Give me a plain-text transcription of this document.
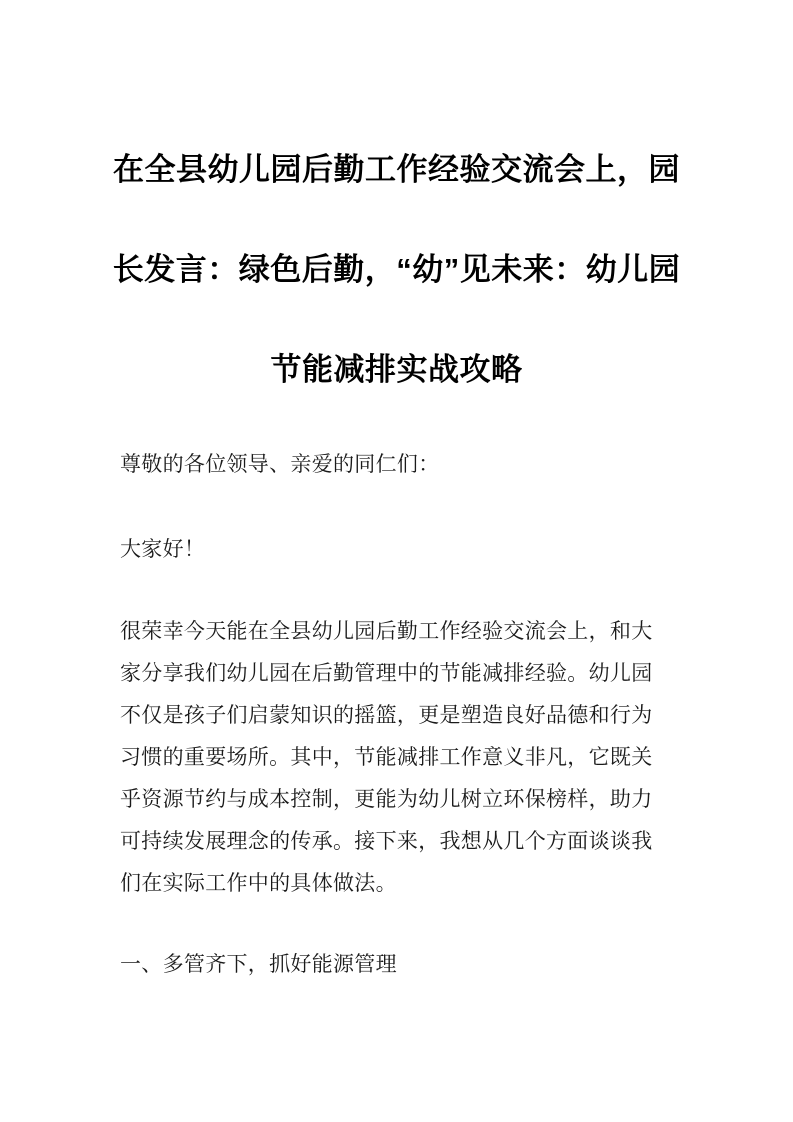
在全县幼儿园后勤工作经验交流会上，园
长发言：绿色后勤，“幼”见未来：幼儿园
节能减排实战攻略
尊敬的各位领导、亲爱的同仁们：
大家好！
很荣幸今天能在全县幼儿园后勤工作经验交流会上，和大
家分享我们幼儿园在后勤管理中的节能减排经验。幼儿园
不仅是孩子们启蒙知识的摇篮，更是塑造良好品德和行为
习惯的重要场所。其中，节能减排工作意义非凡，它既关
乎资源节约与成本控制，更能为幼儿树立环保榜样，助力
可持续发展理念的传承。接下来，我想从几个方面谈谈我
们在实际工作中的具体做法。
一、多管齐下，抓好能源管理
